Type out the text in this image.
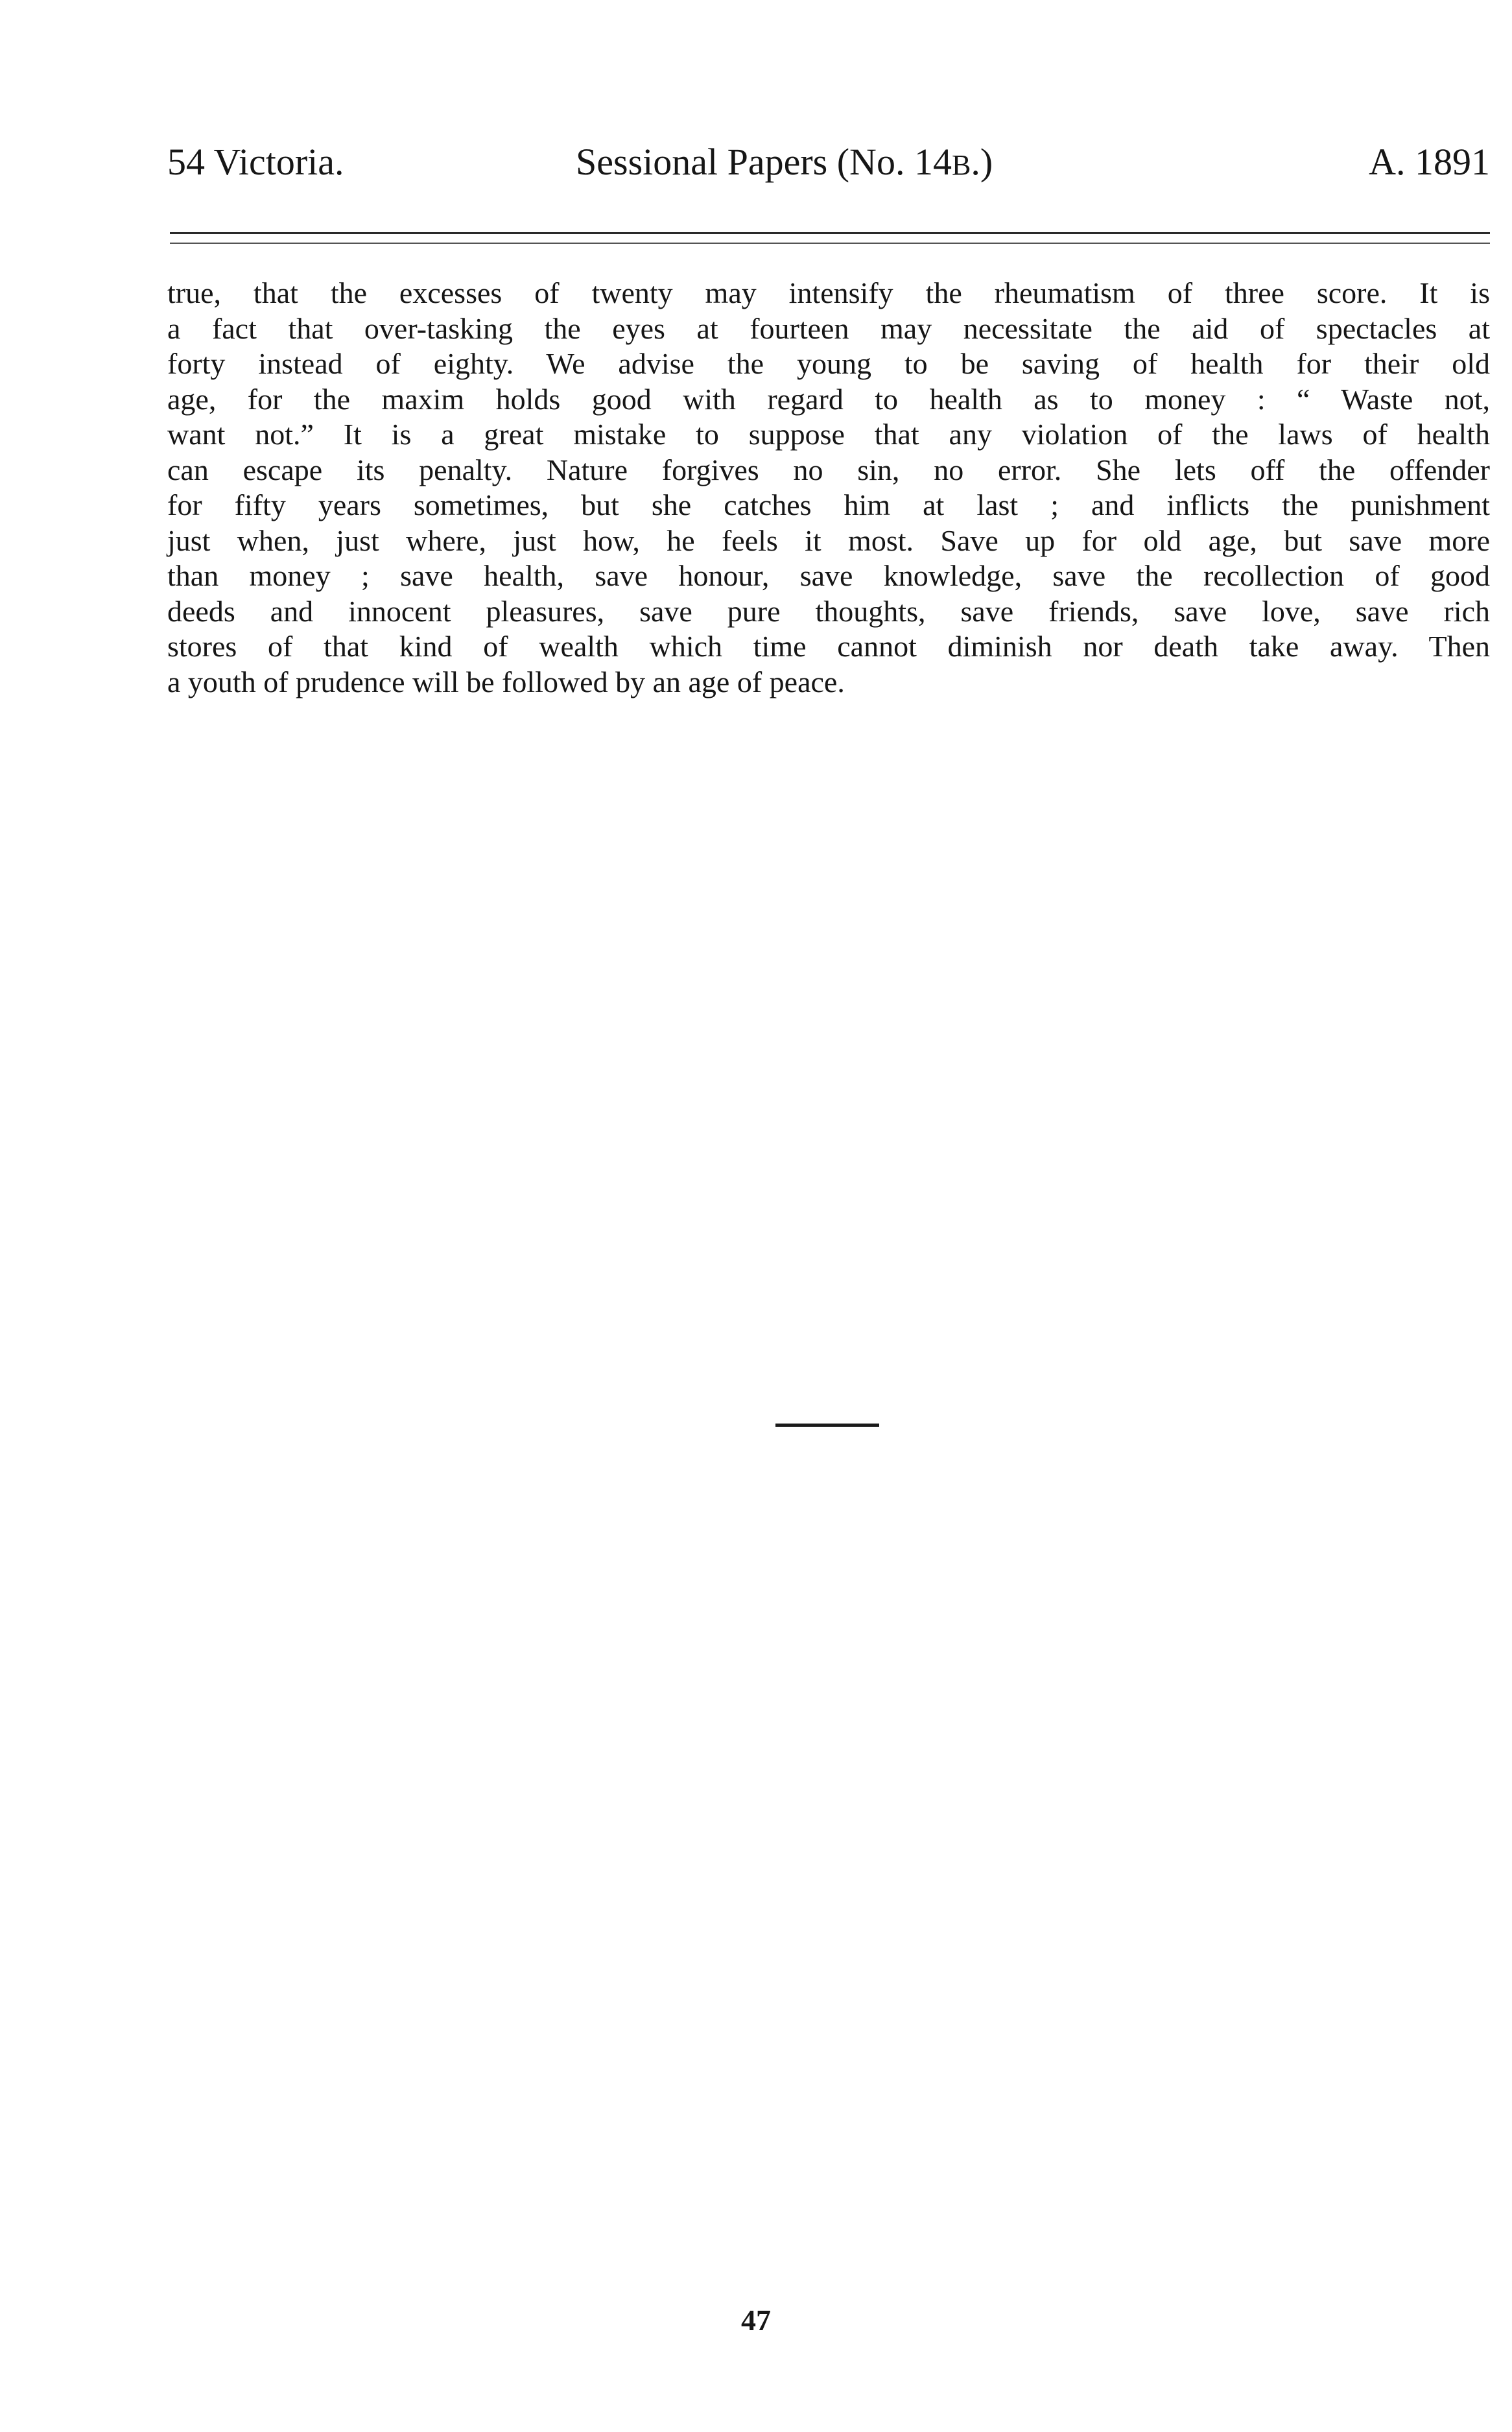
54 Victoria.	Sessional Papers (No. 14B.)	A. 1891
true, that the excesses of twenty may intensify the rheumatism of three score. It is
a fact that over-tasking the eyes at fourteen may necessitate the aid of spectacles at
forty instead of eighty. We advise the young to be saving of health for their old
age, for the maxim holds good with regard to health as to money : “ Waste not,
want not.” It is a great mistake to suppose that any violation of the laws of health
can escape its penalty. Nature forgives no sin, no error. She lets off the offender
for fifty years sometimes, but she catches him at last ; and inflicts the punishment
just when, just where, just how, he feels it most. Save up for old age, but save more
than money ; save health, save honour, save knowledge, save the recollection of good
deeds and innocent pleasures, save pure thoughts, save friends, save love, save rich
stores of that kind of wealth which time cannot diminish nor death take away. Then
a youth of prudence will be followed by an age of peace.
47
